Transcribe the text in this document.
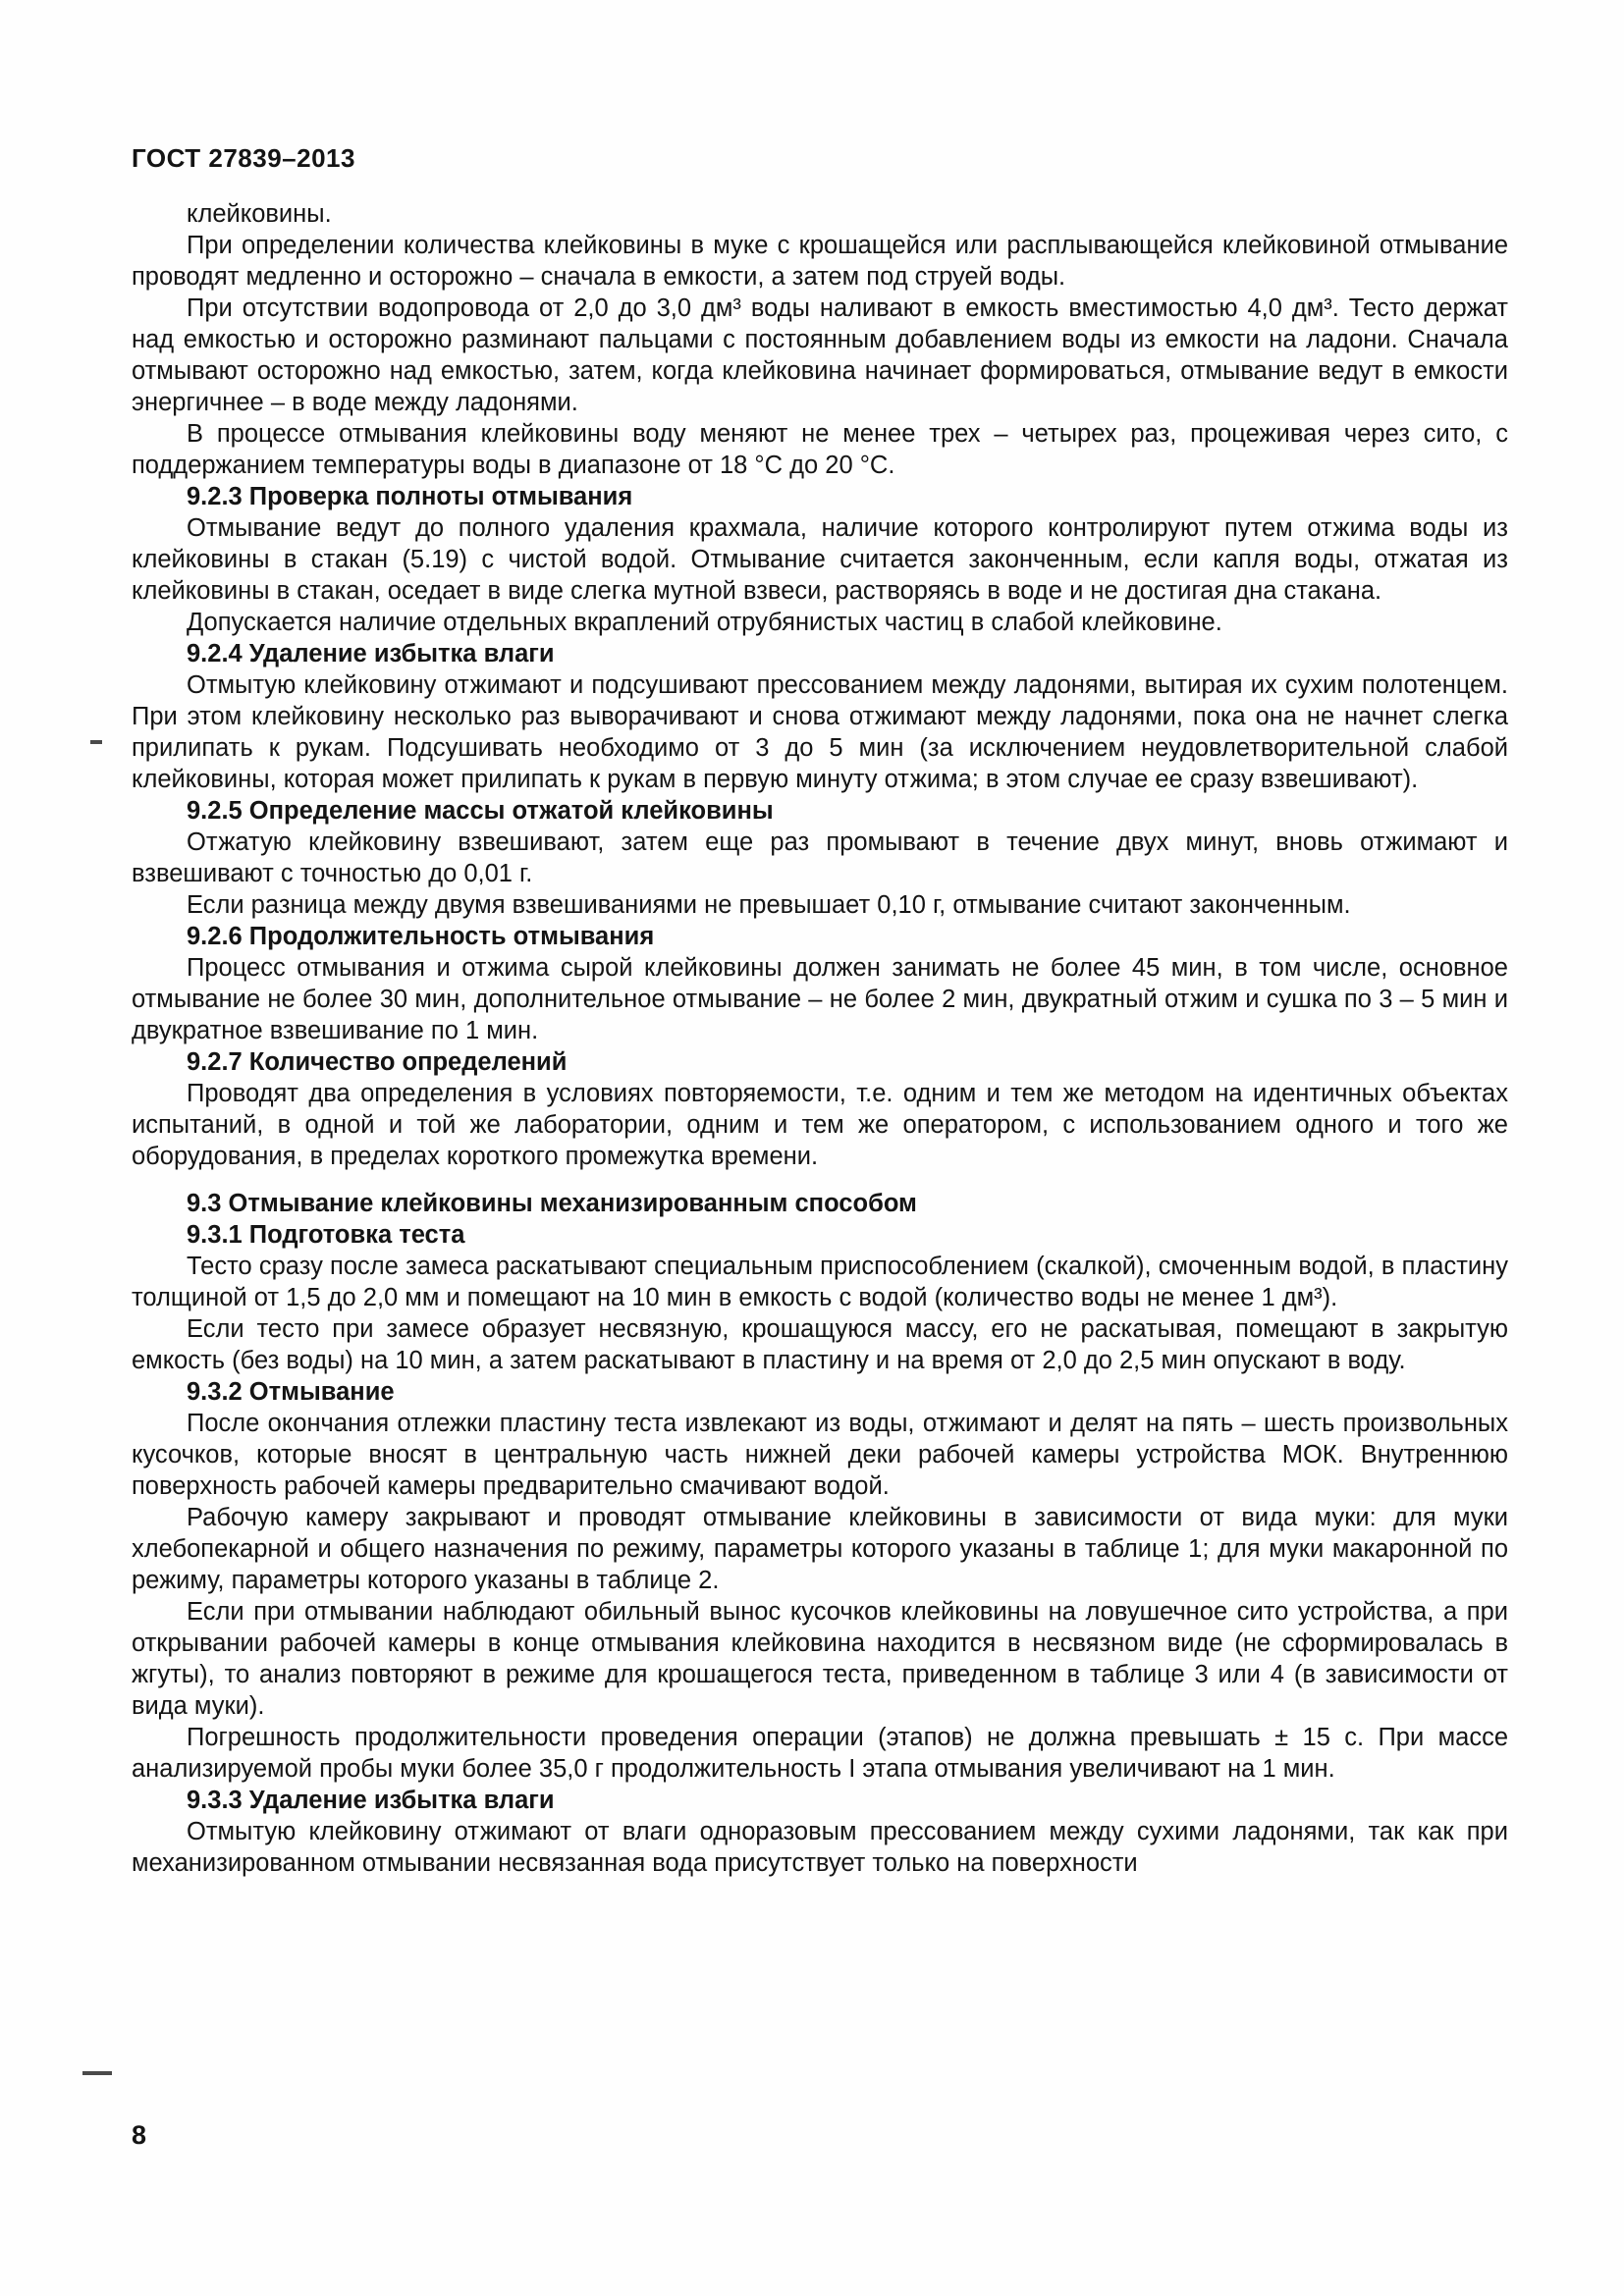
ГОСТ 27839–2013

клейковины.

При определении количества клейковины в муке с крошащейся или расплывающейся клейковиной отмывание проводят медленно и осторожно – сначала в емкости, а затем под струей воды.

При отсутствии водопровода от 2,0 до 3,0 дм³ воды наливают в емкость вместимостью 4,0 дм³. Тесто держат над емкостью и осторожно разминают пальцами с постоянным добавлением воды из емкости на ладони. Сначала отмывают осторожно над емкостью, затем, когда клейковина начинает формироваться, отмывание ведут в емкости энергичнее – в воде между ладонями.

В процессе отмывания клейковины воду меняют не менее трех – четырех раз, процеживая через сито, с поддержанием температуры воды в диапазоне от 18 °С до 20 °С.

9.2.3 Проверка полноты отмывания

Отмывание ведут до полного удаления крахмала, наличие которого контролируют путем отжима воды из клейковины в стакан (5.19) с чистой водой. Отмывание считается законченным, если капля воды, отжатая из клейковины в стакан, оседает в виде слегка мутной взвеси, растворяясь в воде и не достигая дна стакана.

Допускается наличие отдельных вкраплений отрубянистых частиц в слабой клейковине.

9.2.4 Удаление избытка влаги

Отмытую клейковину отжимают и подсушивают прессованием между ладонями, вытирая их сухим полотенцем. При этом клейковину несколько раз выворачивают и снова отжимают между ладонями, пока она не начнет слегка прилипать к рукам. Подсушивать необходимо от 3 до 5 мин (за исключением неудовлетворительной слабой клейковины, которая может прилипать к рукам в первую минуту отжима; в этом случае ее сразу взвешивают).

9.2.5 Определение массы отжатой клейковины

Отжатую клейковину взвешивают, затем еще раз промывают в течение двух минут, вновь отжимают и взвешивают с точностью до 0,01 г.

Если разница между двумя взвешиваниями не превышает 0,10 г, отмывание считают законченным.

9.2.6 Продолжительность отмывания

Процесс отмывания и отжима сырой клейковины должен занимать не более 45 мин, в том числе, основное отмывание не более 30 мин, дополнительное отмывание – не более 2 мин, двукратный отжим и сушка по 3 – 5 мин и двукратное взвешивание по 1 мин.

9.2.7 Количество определений

Проводят два определения в условиях повторяемости, т.е. одним и тем же методом на идентичных объектах испытаний, в одной и той же лаборатории, одним и тем же оператором, с использованием одного и того же оборудования, в пределах короткого промежутка времени.

9.3 Отмывание клейковины механизированным способом

9.3.1 Подготовка теста

Тесто сразу после замеса раскатывают специальным приспособлением (скалкой), смоченным водой, в пластину толщиной от 1,5 до 2,0 мм и помещают на 10 мин в емкость с водой (количество воды не менее 1 дм³).

Если тесто при замесе образует несвязную, крошащуюся массу, его не раскатывая, помещают в закрытую емкость (без воды) на 10 мин, а затем раскатывают в пластину и на время от 2,0 до 2,5 мин опускают в воду.

9.3.2 Отмывание

После окончания отлежки пластину теста извлекают из воды, отжимают и делят на пять – шесть произвольных кусочков, которые вносят в центральную часть нижней деки рабочей камеры устройства МОК. Внутреннюю поверхность рабочей камеры предварительно смачивают водой.

Рабочую камеру закрывают и проводят отмывание клейковины в зависимости от вида муки: для муки хлебопекарной и общего назначения по режиму, параметры которого указаны в таблице 1; для муки макаронной по режиму, параметры которого указаны в таблице 2.

Если при отмывании наблюдают обильный вынос кусочков клейковины на ловушечное сито устройства, а при открывании рабочей камеры в конце отмывания клейковина находится в несвязном виде (не сформировалась в жгуты), то анализ повторяют в режиме для крошащегося теста, приведенном в таблице 3 или 4 (в зависимости от вида муки).

Погрешность продолжительности проведения операции (этапов) не должна превышать ± 15 с. При массе анализируемой пробы муки более 35,0 г продолжительность I этапа отмывания увеличивают на 1 мин.

9.3.3 Удаление избытка влаги

Отмытую клейковину отжимают от влаги одноразовым прессованием между сухими ладонями, так как при механизированном отмывании несвязанная вода присутствует только на поверхности

8
